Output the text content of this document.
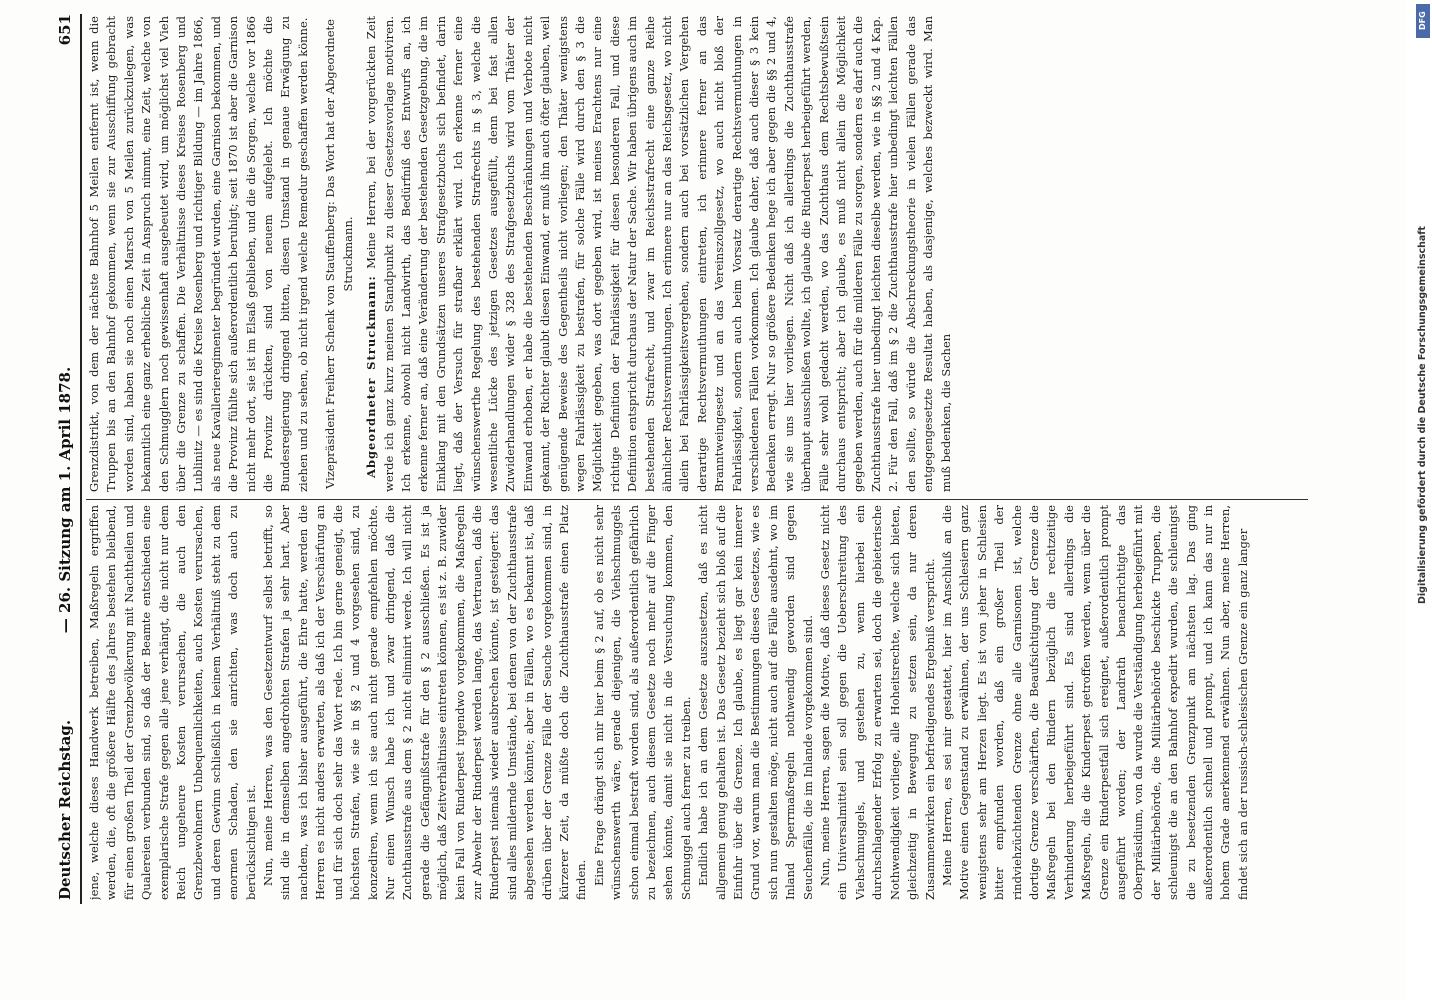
Deutscher Reichstag.
— 26. Sitzung am 1. April 1878.
651

jene, welche dieses Handwerk betreiben, Maßregeln ergriffen werden, die, oft die größere Hälfte des Jahres bestehen bleibend, für einen großen Theil der Grenzbevölkerung mit Nachtheilen und Qualereien verbunden sind, so daß der Beamte entschieden eine exemplarische Strafe gegen alle jene verhängt, die nicht nur dem Reich ungeheure Kosten verursachen, die auch den Grenzbewohnern Unbequemlichkeiten, auch Kosten verursachen, und deren Gewinn schließlich in keinem Verhältniß steht zu dem enormen Schaden, den sie anrichten, was doch auch zu berücksichtigen ist. Nun, meine Herren, was den Gesetzentwurf selbst betrifft, so sind die in demselben angedrohten Strafen ja sehr hart. Aber nachdem, was ich bisher ausgeführt, die Ehre hatte, werden die Herren es nicht anders erwarten, als daß ich der Verschärfung an und für sich doch sehr das Wort rede. Ich bin gerne geneigt, die höchsten Strafen, wie sie in §§ 2 und 4 vorgesehen sind, zu konzediren, wenn ich sie auch nicht gerade empfehlen möchte. Nur einen Wunsch habe ich und zwar dringend, daß die Zuchthausstrafe aus dem § 2 nicht eliminirt werde. Ich will nicht gerade die Gefängnißstrafe für den § 2 ausschließen. Es ist ja möglich, daß Zeitverhältnisse eintreten können, es ist z. B. zuwider kein Fall von Rinderpest irgendwo vorgekommen, die Maßregeln zur Abwehr der Rinderpest werden lange, das Vertrauen, daß die Rinderpest niemals wieder ausbrechen könnte, ist gesteigert: das sind alles mildernde Umstände, bei denen von der Zuchthausstrafe abgesehen werden könnte; aber in Fällen, wo es bekannt ist, daß drüben über der Grenze Fälle der Seuche vorgekommen sind, in kürzerer Zeit, da müßte doch die Zuchthausstrafe einen Platz finden. Eine Frage drängt sich mir hier beim § 2 auf, ob es nicht sehr wünschenswerth wäre, gerade diejenigen, die Viehschmuggels schon einmal bestraft worden sind, als außerordentlich gefährlich zu bezeichnen, auch diesem Gesetze noch mehr auf die Finger sehen könnte, damit sie nicht in die Versuchung kommen, den Schmuggel auch ferner zu treiben. Endlich habe ich an dem Gesetze auszusetzen, daß es nicht allgemein genug gehalten ist. Das Gesetz bezieht sich bloß auf die Einfuhr über die Grenze. Ich glaube, es liegt gar kein innerer Grund vor, warum man die Bestimmungen dieses Gesetzes, wie es sich nun gestalten möge, nicht auch auf die Fälle ausdehnt, wo im Inland Sperrmaßregeln nothwendig geworden sind gegen Seuchenfälle, die im Inlande vorgekommen sind. Nun, meine Herren, sagen die Motive, daß dieses Gesetz nicht ein Universalmittel sein soll gegen die Ueberschreitung des Viehschmuggels, und gestehen zu, wenn hierbei ein durchschlagender Erfolg zu erwarten sei, doch die gebieterische Nothwendigkeit vorliege, alle Hoheitsrechte, welche sich bieten, gleichzeitig in Bewegung zu setzen sein, da nur deren Zusammenwirken ein befriedigendes Ergebniß verspricht. Meine Herren, es sei mir gestattet, hier im Anschluß an die Motive einen Gegenstand zu erwähnen, der uns Schlesiern ganz wenigstens sehr am Herzen liegt. Es ist von jeher in Schlesien bitter empfunden worden, daß ein großer Theil der rindviehzüchtenden Grenze ohne alle Garnisonen ist, welche dortige Grenze verschärften, die Beaufsichtigung der Grenze die Maßregeln bei den Rindern bezüglich die rechtzeitige Verhinderung herbeigeführt sind. Es sind allerdings die Maßregeln, die die Kinderpest getroffen werden, wenn über die Grenze ein Rinderpestfall sich ereignet, außerordentlich prompt ausgeführt worden; der Landrath benachrichtigte das Oberpräsidium, von da wurde die Verständigung herbeigeführt mit der Militärbehörde, die Militärbehörde beschickte Truppen, die schleunigst die an den Bahnhof expedirt wurden, die schleunigst die zu besetzenden Grenzpunkt am nächsten lag. Das ging außerordentlich schnell und prompt, und ich kann das nur in hohem Grade anerkennend erwähnen. Nun aber, meine Herren, findet sich an der russisch-schlesischen Grenze ein ganz langer

Grenzdistrikt, von dem der nächste Bahnhof 5 Meilen entfernt ist, wenn die Truppen bis an den Bahnhof gekommen, wenn sie zur Ausschiffung gebracht worden sind, haben sie noch einen Marsch von 5 Meilen zurückzulegen, was bekanntlich eine ganz erhebliche Zeit in Anspruch nimmt, eine Zeit, welche von den Schmugglern noch gewissenhaft ausgebeutet wird, um möglichst viel Vieh über die Grenze zu schaffen. Die Verhältnisse dieses Kreises Rosenberg und Lublinitz — es sind die Kreise Rosenberg und richtiger Bildung — im Jahre 1866, als neue Kavallerieregimenter begründet wurden, eine Garnison bekommen, und die Provinz fühlte sich außerordentlich beruhigt; seit 1870 ist aber die Garnison nicht mehr dort, sie ist im Elsaß geblieben, und die die Sorgen, welche vor 1866 die Provinz drückten, sind von neuem aufgelebt. Ich möchte die Bundesregierung dringend bitten, diesen Umstand in genaue Erwägung zu ziehen und zu sehen, ob nicht irgend welche Remedur geschaffen werden könne. Vizepräsident Freiherr Schenk von Stauffenberg: Das Wort hat der Abgeordnete Struckmann.

Abgeordneter Struckmann: Meine Herren, bei der vorgerückten Zeit werde ich ganz kurz meinen Standpunkt zu dieser Gesetzesvorlage motiviren. Ich erkenne, obwohl nicht Landwirth, das Bedürfniß des Entwurfs an, ich erkenne ferner an, daß eine Veränderung der bestehenden Gesetzgebung, die im Einklang mit den Grundsätzen unseres Strafgesetzbuchs sich befindet, darin liegt, daß der Versuch für strafbar erklärt wird. Ich erkenne ferner eine wünschenswerthe Regelung des bestehenden Strafrechts in § 3, welche die wesentliche Lücke des jetzigen Gesetzes ausgefüllt, denn bei fast allen Zuwiderhandlungen wider § 328 des Strafgesetzbuchs wird vom Thäter der Einwand erhoben, er habe die bestehenden Beschränkungen und Verbote nicht gekannt, der Richter glaubt diesen Einwand, er muß ihn auch öfter glauben, weil genügende Beweise des Gegentheils nicht vorliegen; den Thäter wenigstens wegen Fahrlässigkeit zu bestrafen, für solche Fälle wird durch den § 3 die Möglichkeit gegeben, was dort gegeben wird, ist meines Erachtens nur eine richtige Definition der Fahrlässigkeit für diesen besonderen Fall, und diese Definition entspricht durchaus der Natur der Sache. Wir haben übrigens auch im bestehenden Strafrecht, und zwar im Reichsstrafrecht eine ganze Reihe ähnlicher Rechtsvermuthungen. Ich erinnere nur an das Reichsgesetz, wo nicht allein bei Fahrlässigkeitsvergehen, sondern auch bei vorsätzlichen Vergehen derartige Rechtsvermuthungen eintreten, ich erinnere ferner an das Branntweingesetz und an das Vereinszollgesetz, wo auch nicht bloß der Fahrlässigkeit, sondern auch beim Vorsatz derartige Rechtsvermuthungen in verschiedenen Fällen vorkommen. Ich glaube daher, daß auch dieser § 3 kein Bedenken erregt. Nur so größere Bedenken hege ich aber gegen die §§ 2 und 4, wie sie uns hier vorliegen. Nicht daß ich allerdings die Zuchthausstrafe überhaupt ausschließen wollte, ich glaube die Rinderpest herbeigeführt werden, Fälle sehr wohl gedacht werden, wo das Zuchthaus dem Rechtsbewußtsein durchaus entspricht; aber ich glaube, es muß nicht allein die Möglichkeit gegeben werden, auch für die milderen Fälle zu sorgen, sondern es darf auch die Zuchthausstrafe hier unbedingt leichten dieselbe werden, wie in §§ 2 und 4 Kap. 2. Für den Fall, daß im § 2 die Zuchthausstrafe hier unbedingt leichten Fällen den sollte, so würde die Abschreckungstheorie in vielen Fällen gerade das entgegengesetzte Resultat haben, als dasjenige, welches bezweckt wird. Man muß bedenken, die Sachen

DFG
Digitalisierung gefördert durch die Deutsche Forschungsgemeinschaft
